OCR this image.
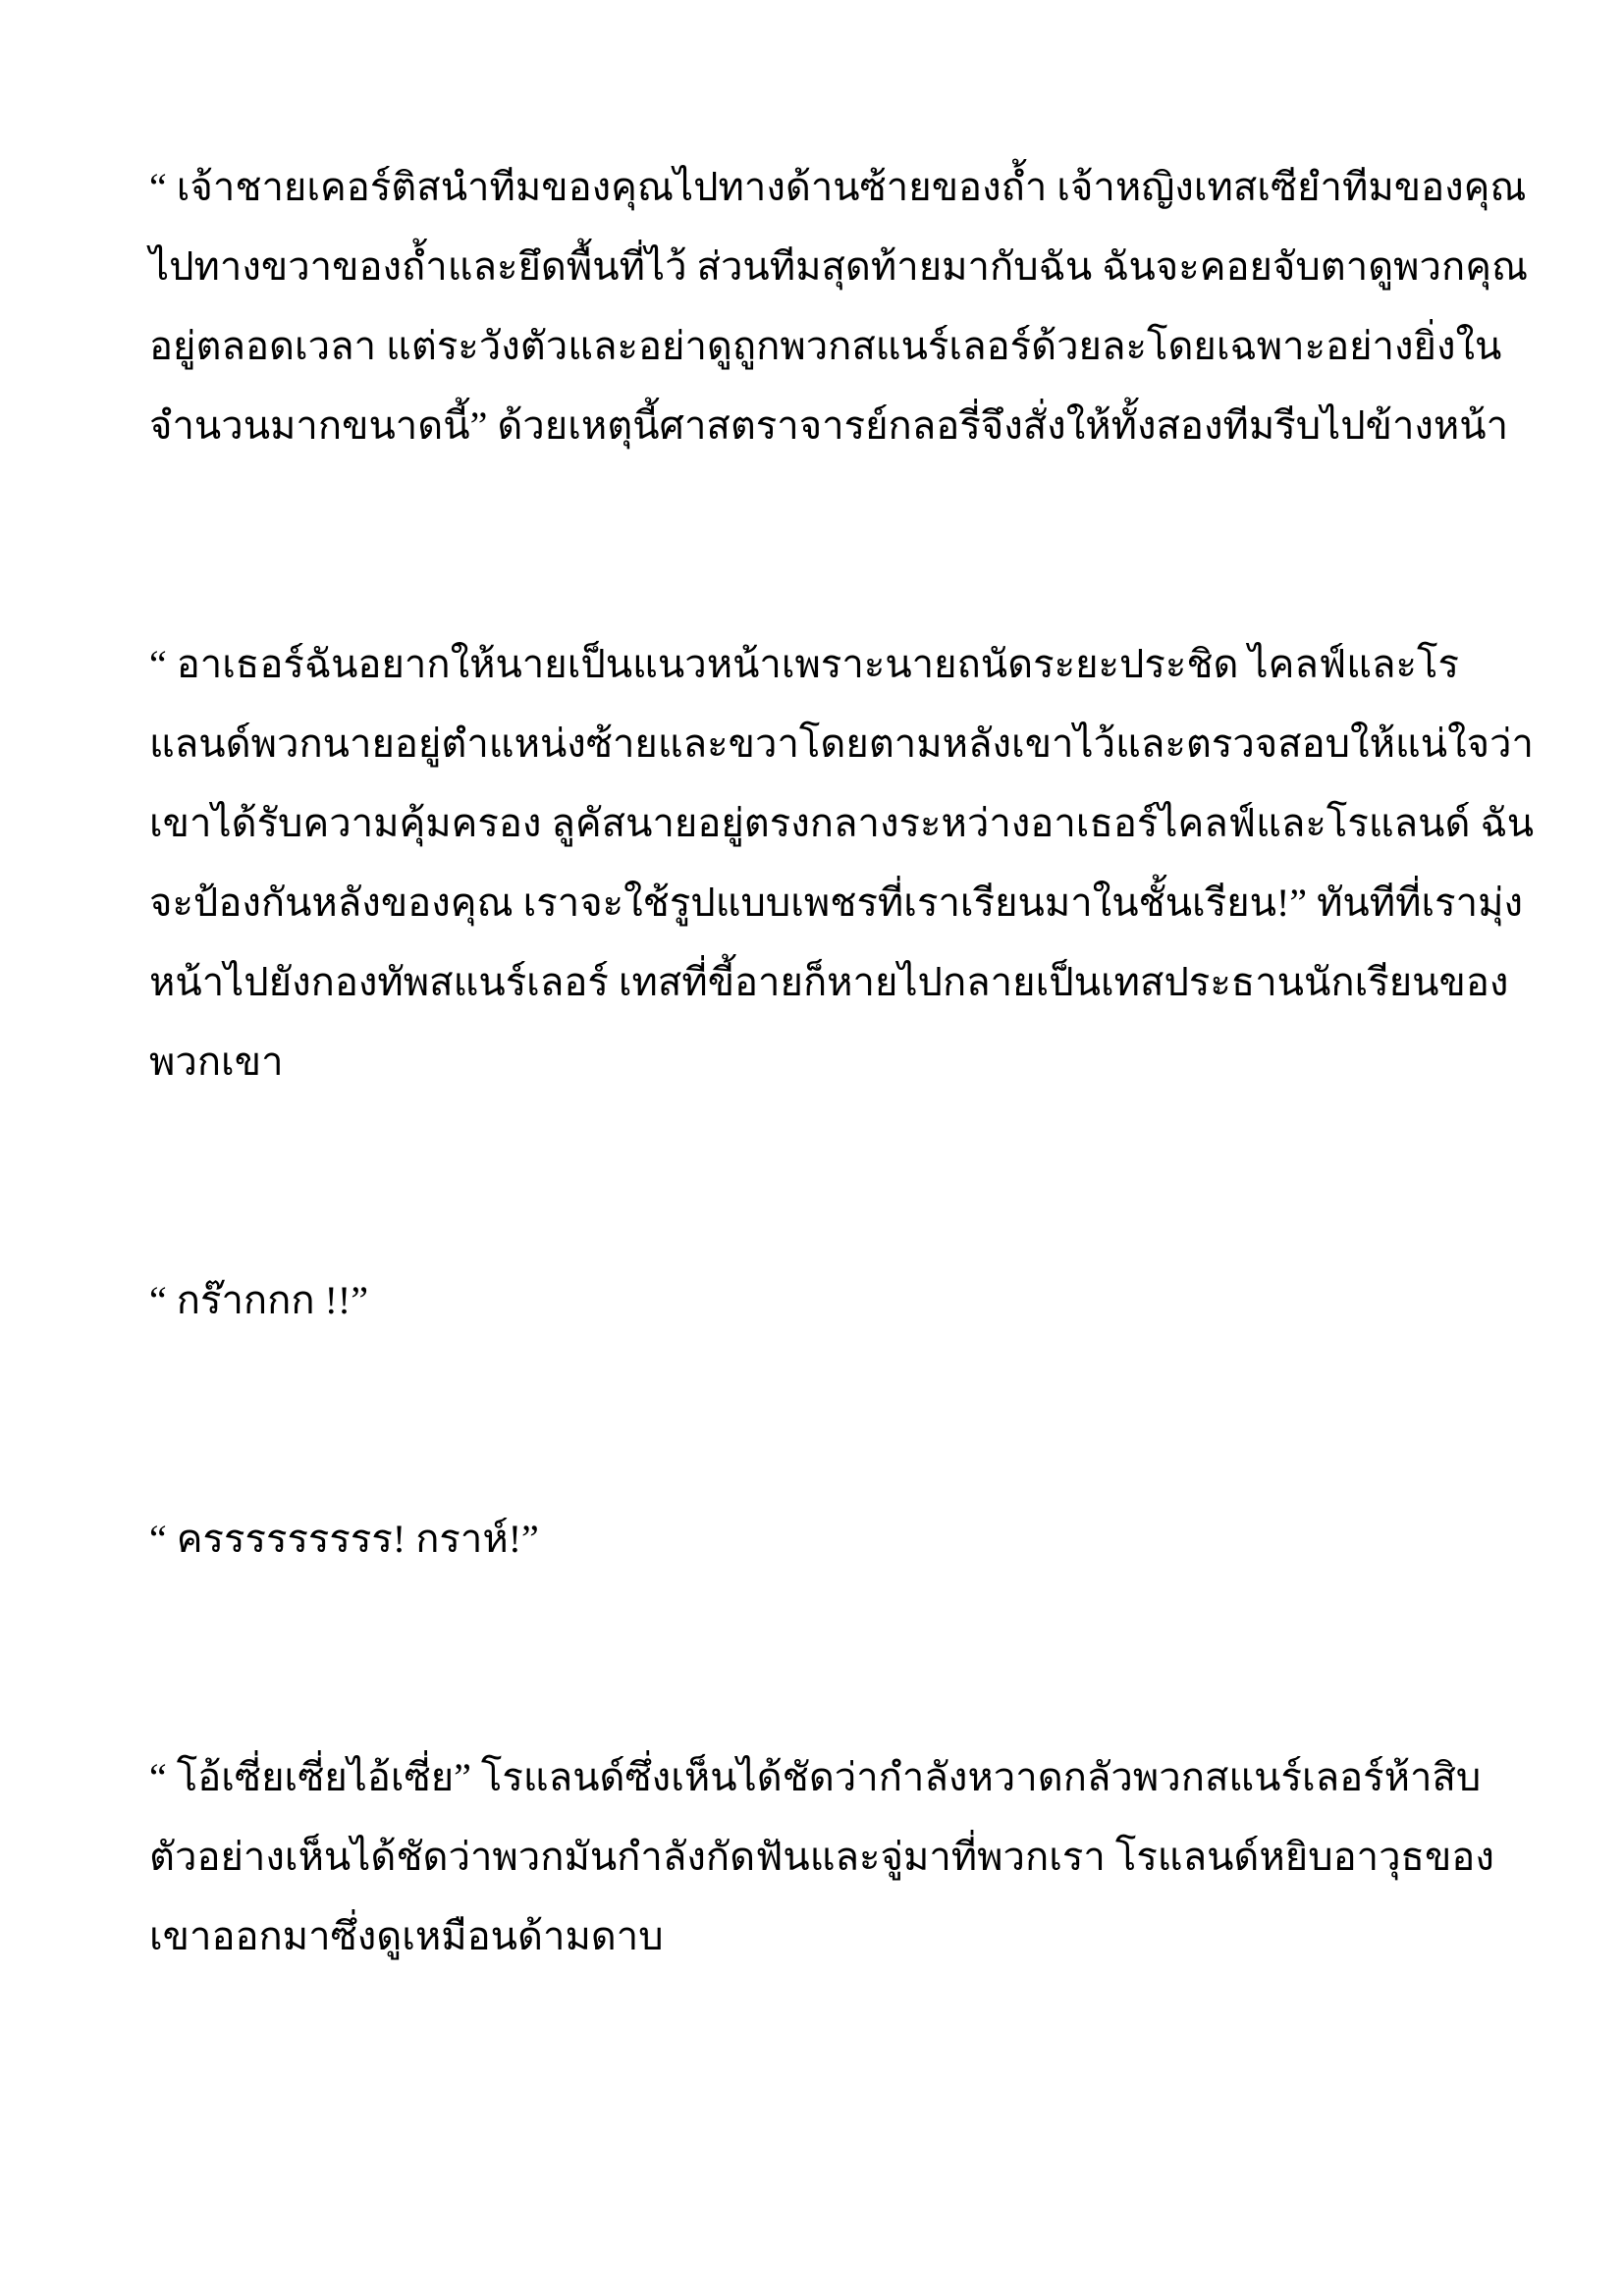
“ เจ้าชายเคอร์ติสนำทีมของคุณไปทางด้านซ้ายของถ้ำ เจ้าหญิงเทสเซียำทีมของคุณ
ไปทางขวาของถ้ำและยึดพื้นที่ไว้ ส่วนทีมสุดท้ายมากับฉัน ฉันจะคอยจับตาดูพวกคุณ
อยู่ตลอดเวลา แต่ระวังตัวและอย่าดูถูกพวกสแนร์เลอร์ด้วยละโดยเฉพาะอย่างยิ่งใน
จำนวนมากขนาดนี้” ด้วยเหตุนี้ศาสตราจารย์กลอรี่จึงสั่งให้ทั้งสองทีมรีบไปข้างหน้า
“ อาเธอร์ฉันอยากให้นายเป็นแนวหน้าเพราะนายถนัดระยะประชิด ไคลฟ์และโร
แลนด์พวกนายอยู่ตำแหน่งซ้ายและขวาโดยตามหลังเขาไว้และตรวจสอบให้แน่ใจว่า
เขาได้รับความคุ้มครอง ลูคัสนายอยู่ตรงกลางระหว่างอาเธอร์ไคลฟ์และโรแลนด์ ฉัน
จะป้องกันหลังของคุณ เราจะใช้รูปแบบเพชรที่เราเรียนมาในชั้นเรียน!” ทันทีที่เรามุ่ง
หน้าไปยังกองทัพสแนร์เลอร์ เทสที่ขี้อายก็หายไปกลายเป็นเทสประธานนักเรียนของ
พวกเขา
“ กร๊ากกก !!”
“ ครรรรรรรรร! กราห์!”
“ โอ้เซี่ยเซี่ยไอ้เซี่ย” โรแลนด์ซึ่งเห็นได้ชัดว่ากำลังหวาดกลัวพวกสแนร์เลอร์ห้าสิบ
ตัวอย่างเห็นได้ชัดว่าพวกมันกำลังกัดฟันและจู่มาที่พวกเรา โรแลนด์หยิบอาวุธของ
เขาออกมาซึ่งดูเหมือนด้ามดาบ
